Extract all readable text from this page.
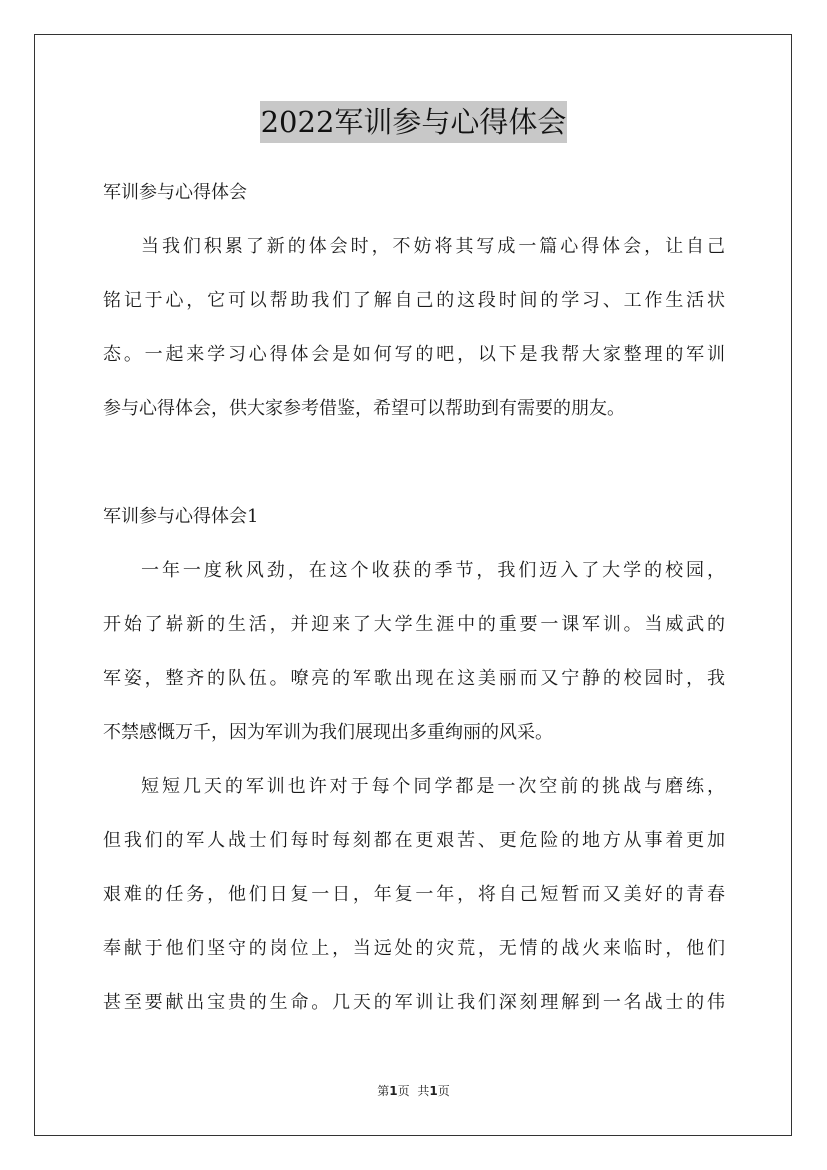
2022军训参与心得体会
军训参与心得体会
当我们积累了新的体会时，不妨将其写成一篇心得体会，让自己
铭记于心，它可以帮助我们了解自己的这段时间的学习、工作生活状
态。一起来学习心得体会是如何写的吧，以下是我帮大家整理的军训
参与心得体会，供大家参考借鉴，希望可以帮助到有需要的朋友。
军训参与心得体会1
一年一度秋风劲，在这个收获的季节，我们迈入了大学的校园，
开始了崭新的生活，并迎来了大学生涯中的重要一课军训。当威武的
军姿，整齐的队伍。嘹亮的军歌出现在这美丽而又宁静的校园时，我
不禁感慨万千，因为军训为我们展现出多重绚丽的风采。
短短几天的军训也许对于每个同学都是一次空前的挑战与磨练，
但我们的军人战士们每时每刻都在更艰苦、更危险的地方从事着更加
艰难的任务，他们日复一日，年复一年，将自己短暂而又美好的青春
奉献于他们坚守的岗位上，当远处的灾荒，无情的战火来临时，他们
甚至要献出宝贵的生命。几天的军训让我们深刻理解到一名战士的伟
第1页 共1页
